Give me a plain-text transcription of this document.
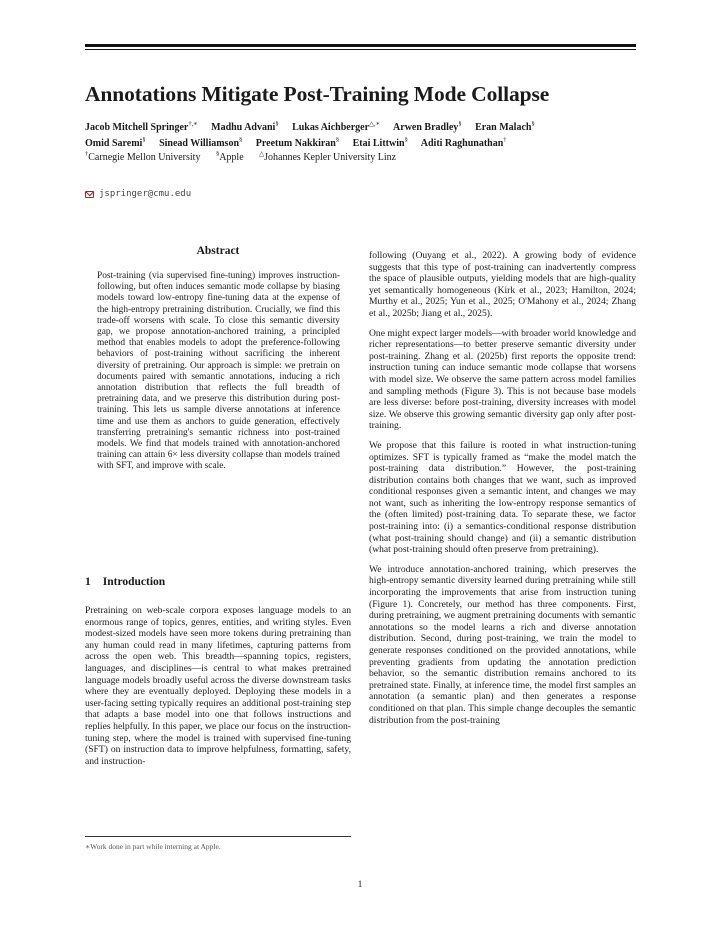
Annotations Mitigate Post-Training Mode Collapse
Jacob Mitchell Springer†,∗ Madhu Advani§ Lukas Aichberger△,∗ Arwen Bradley§ Eran Malach§
Omid Saremi§ Sinead Williamson§ Preetum Nakkiran§ Etai Littwin§ Aditi Raghunathan†
†Carnegie Mellon University §Apple △Johannes Kepler University Linz
jspringer@cmu.edu
Abstract
Post-training (via supervised fine-tuning) improves instruction-following, but often induces semantic mode collapse by biasing models toward low-entropy fine-tuning data at the expense of the high-entropy pretraining distribution. Crucially, we find this trade-off worsens with scale. To close this semantic diversity gap, we propose annotation-anchored training, a principled method that enables models to adopt the preference-following behaviors of post-training without sacrificing the inherent diversity of pretraining. Our approach is simple: we pretrain on documents paired with semantic annotations, inducing a rich annotation distribution that reflects the full breadth of pretraining data, and we preserve this distribution during post-training. This lets us sample diverse annotations at inference time and use them as anchors to guide generation, effectively transferring pretraining's semantic richness into post-trained models. We find that models trained with annotation-anchored training can attain 6× less diversity collapse than models trained with SFT, and improve with scale.
1 Introduction
Pretraining on web-scale corpora exposes language models to an enormous range of topics, genres, entities, and writing styles. Even modest-sized models have seen more tokens during pretraining than any human could read in many lifetimes, capturing patterns from across the open web. This breadth—spanning topics, registers, languages, and disciplines—is central to what makes pretrained language models broadly useful across the diverse downstream tasks where they are eventually deployed. Deploying these models in a user-facing setting typically requires an additional post-training step that adapts a base model into one that follows instructions and replies helpfully. In this paper, we place our focus on the instruction-tuning step, where the model is trained with supervised fine-tuning (SFT) on instruction data to improve helpfulness, formatting, safety, and instruction-

following (Ouyang et al., 2022). A growing body of evidence suggests that this type of post-training can inadvertently compress the space of plausible outputs, yielding models that are high-quality yet semantically homogeneous (Kirk et al., 2023; Hamilton, 2024; Murthy et al., 2025; Yun et al., 2025; O'Mahony et al., 2024; Zhang et al., 2025b; Jiang et al., 2025).

One might expect larger models—with broader world knowledge and richer representations—to better preserve semantic diversity under post-training. Zhang et al. (2025b) first reports the opposite trend: instruction tuning can induce semantic mode collapse that worsens with model size. We observe the same pattern across model families and sampling methods (Figure 3). This is not because base models are less diverse: before post-training, diversity increases with model size. We observe this growing semantic diversity gap only after post-training.

We propose that this failure is rooted in what instruction-tuning optimizes. SFT is typically framed as “make the model match the post-training data distribution.” However, the post-training distribution contains both changes that we want, such as improved conditional responses given a semantic intent, and changes we may not want, such as inheriting the low-entropy response semantics of the (often limited) post-training data. To separate these, we factor post-training into: (i) a semantics-conditional response distribution (what post-training should change) and (ii) a semantic distribution (what post-training should often preserve from pretraining).

We introduce annotation-anchored training, which preserves the high-entropy semantic diversity learned during pretraining while still incorporating the improvements that arise from instruction tuning (Figure 1). Concretely, our method has three components. First, during pretraining, we augment pretraining documents with semantic annotations so the model learns a rich and diverse annotation distribution. Second, during post-training, we train the model to generate responses conditioned on the provided annotations, while preventing gradients from updating the annotation prediction behavior, so the semantic distribution remains anchored to its pretrained state. Finally, at inference time, the model first samples an annotation (a semantic plan) and then generates a response conditioned on that plan. This simple change decouples the semantic distribution from the post-training

∗Work done in part while interning at Apple.
1
